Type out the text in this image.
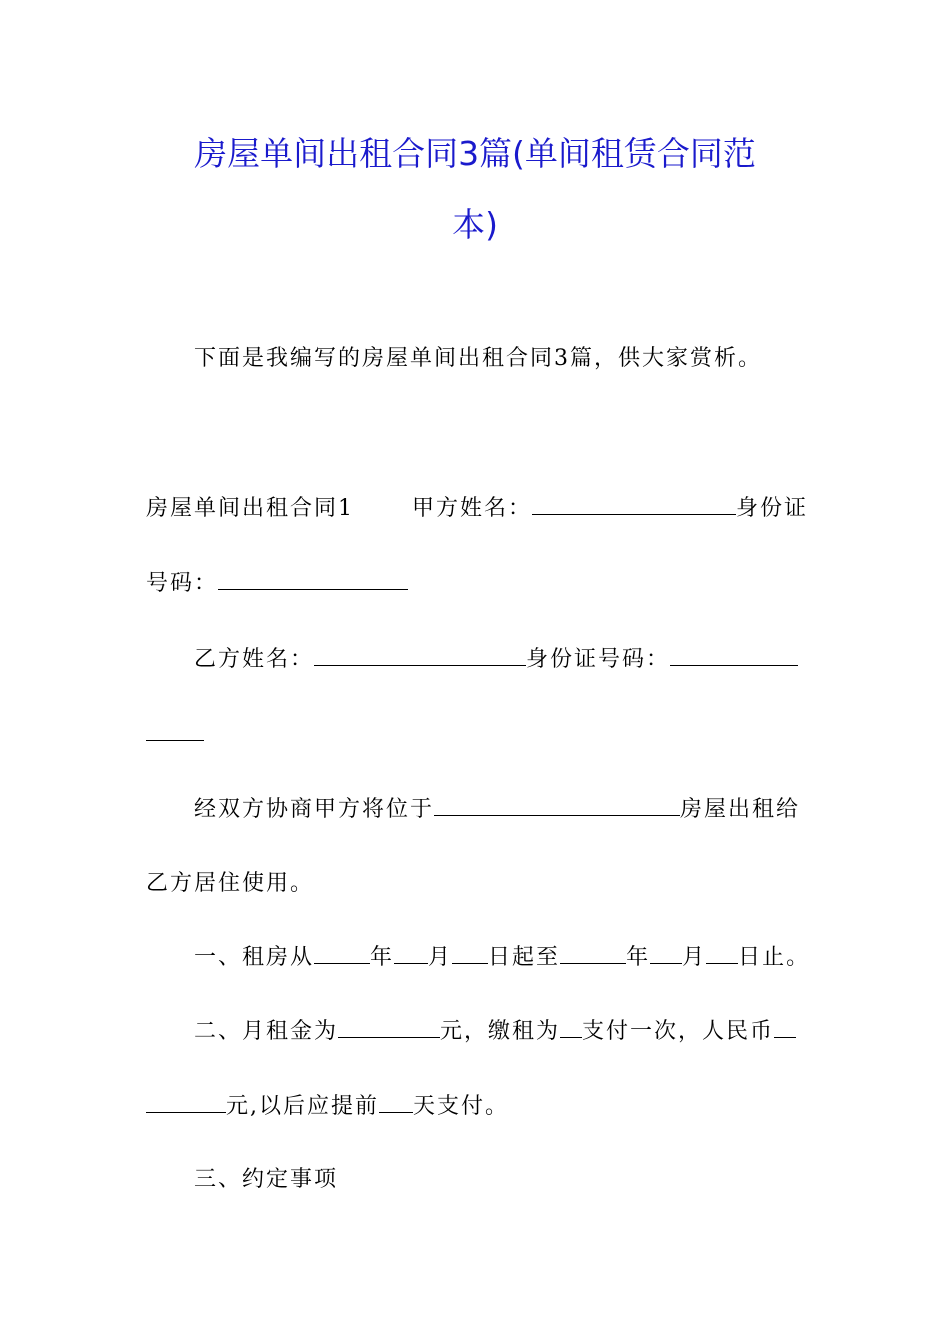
房屋单间出租合同3篇(单间租赁合同范
本)
下面是我编写的房屋单间出租合同3篇，供大家赏析。
房屋单间出租合同1	甲方姓名：	身份证
号码：
乙方姓名：	身份证号码：
经双方协商甲方将位于	房屋出租给
乙方居住使用。
一、租房从	年 月 日起至	年 月 日止。
二、月租金为	元，缴租为 支付一次，人民币
元,以后应提前 天支付。
三、约定事项
